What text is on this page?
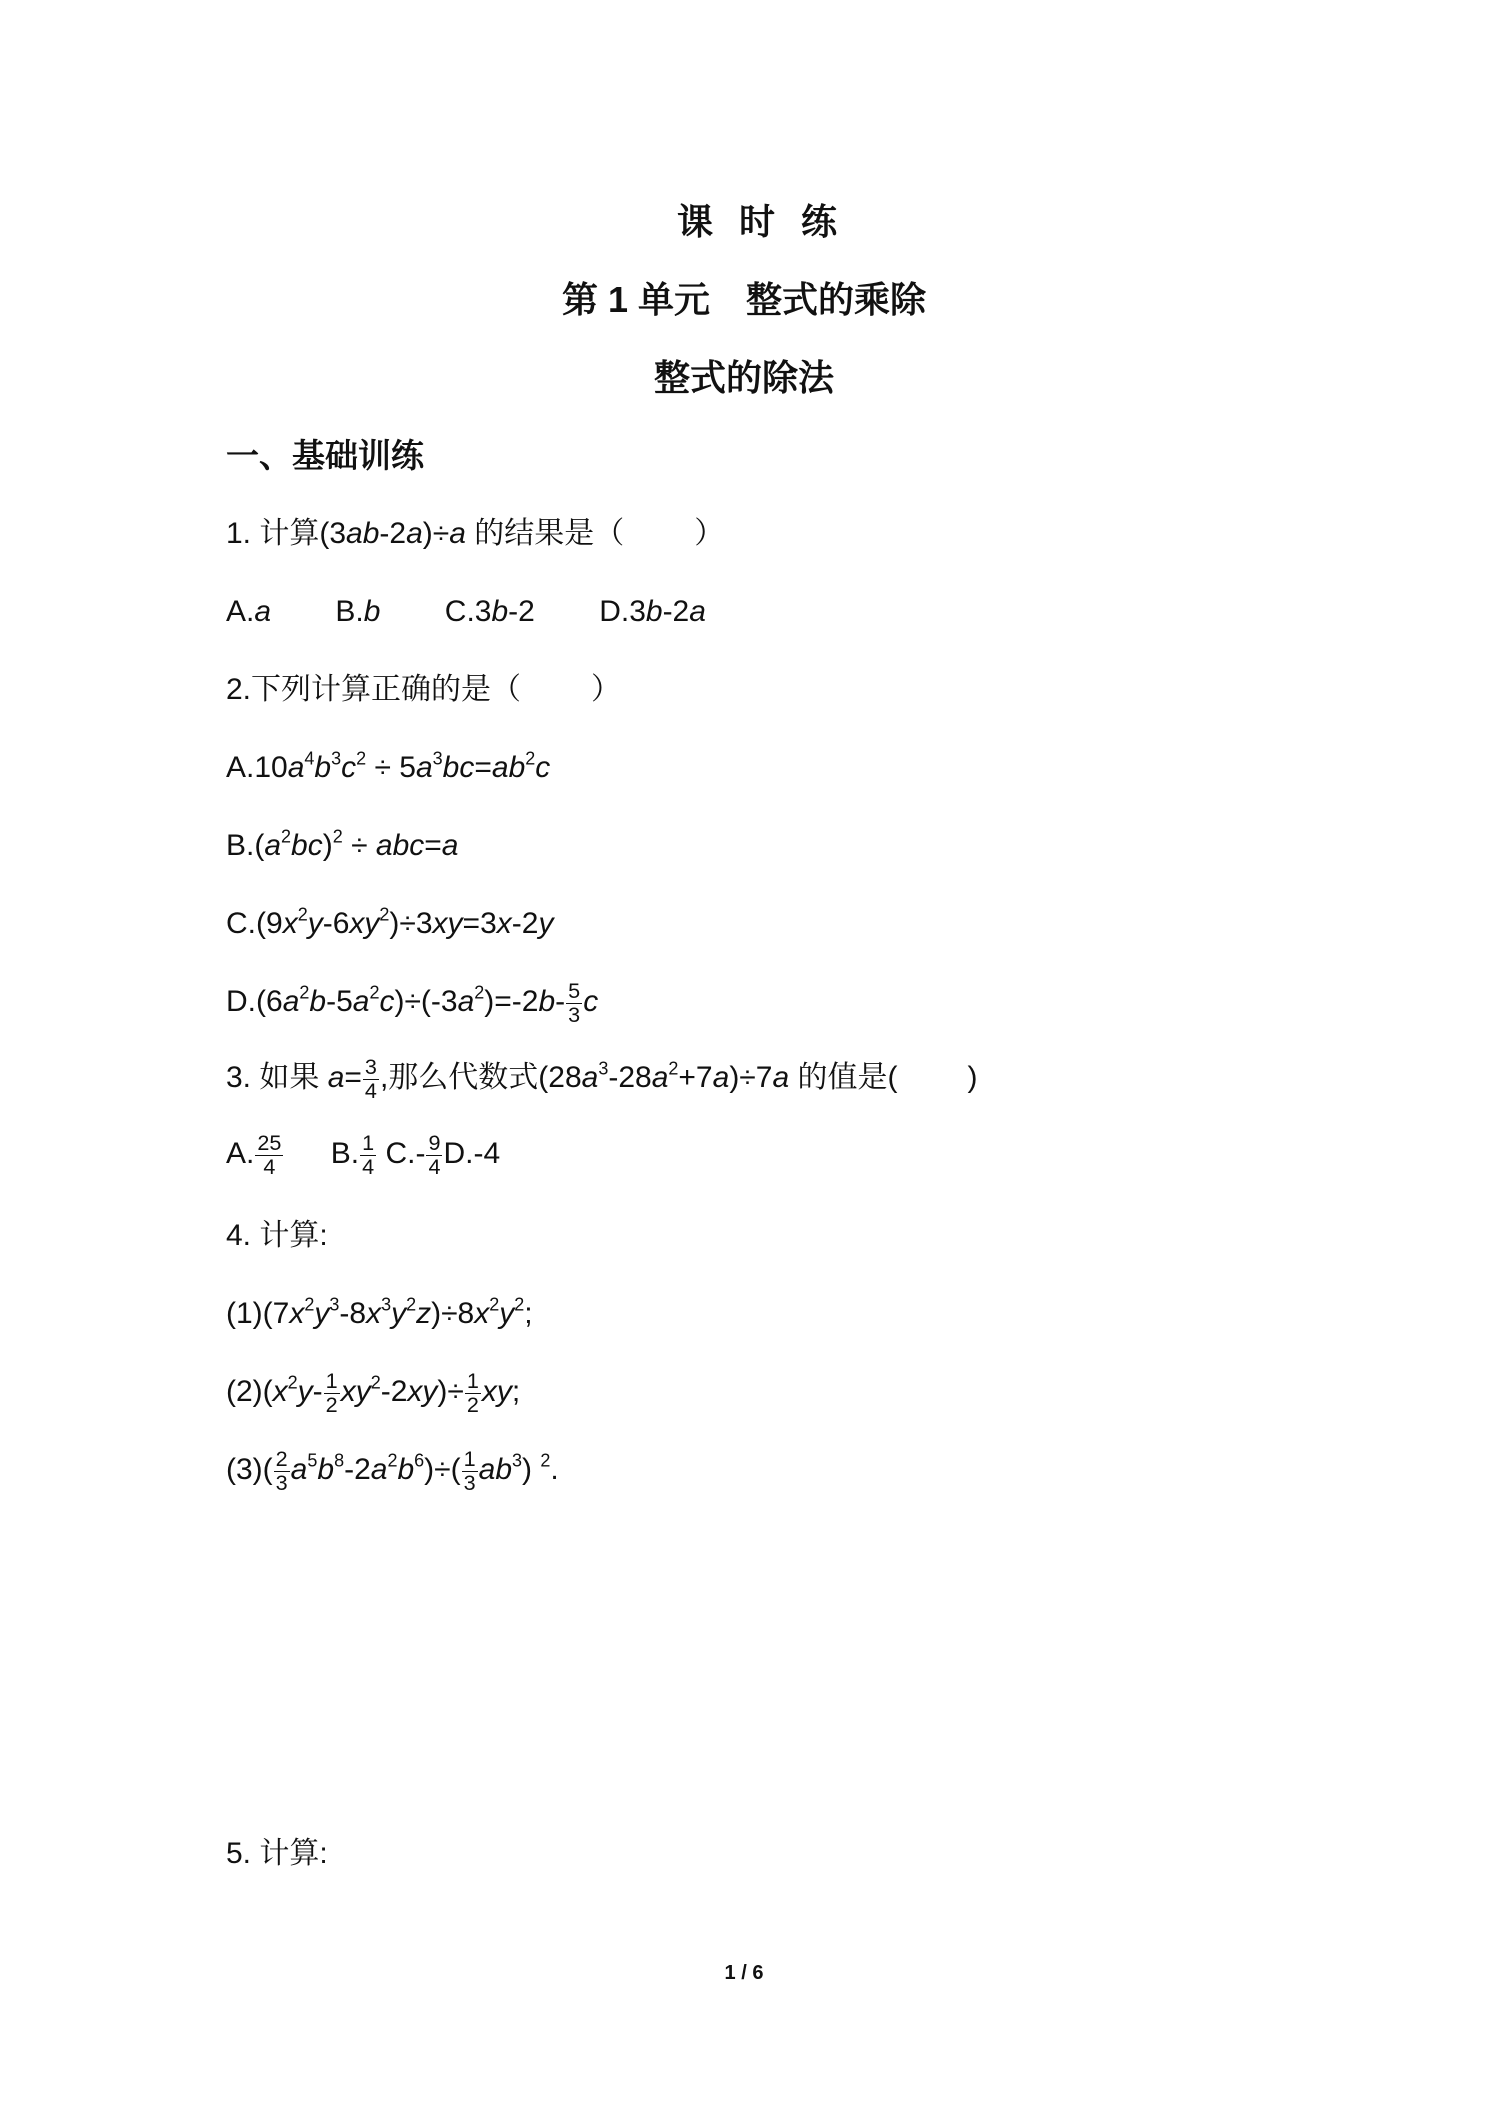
课时练
第 1 单元　整式的乘除
整式的除法
一、基础训练
1. 计算(3ab-2a)÷a 的结果是（ ）
A.a B.b C.3b-2 D.3b-2a
2.下列计算正确的是（ ）
$A.10a^4b^3c^2 \div 5a^3bc=ab^2c$
$B.(a^2bc)^2 \div abc=a$
$C.(9x^2y-6xy^2)\div 3xy=3x-2y$
$D.(6a^2b-5a^2c)\div(-3a^2)=-2b- \frac{5}{3}$ c
3. 如果 $a= \frac{3}{4}$ ,那么代数式$(28a^3-28a^2+7a)\div 7a$ 的值是( )
A. $\frac{25}{4} B$. $\frac{1}{4} C.- \frac{9}{4} D.-4$
4. 计算:
$(1)(7x^2y^3-8x^3y^2z)\div 8x^2y^2$;
$(2)(x^2y- \frac{1}{2} xy^2-2xy)\div \frac{1}{2}$ xy;
$(3)( \frac{2}{3} a^5b^8-2a^2b^6)\div( \frac{1}{3} ab^3)$ $^2$.
5. 计算:
1 / 6
